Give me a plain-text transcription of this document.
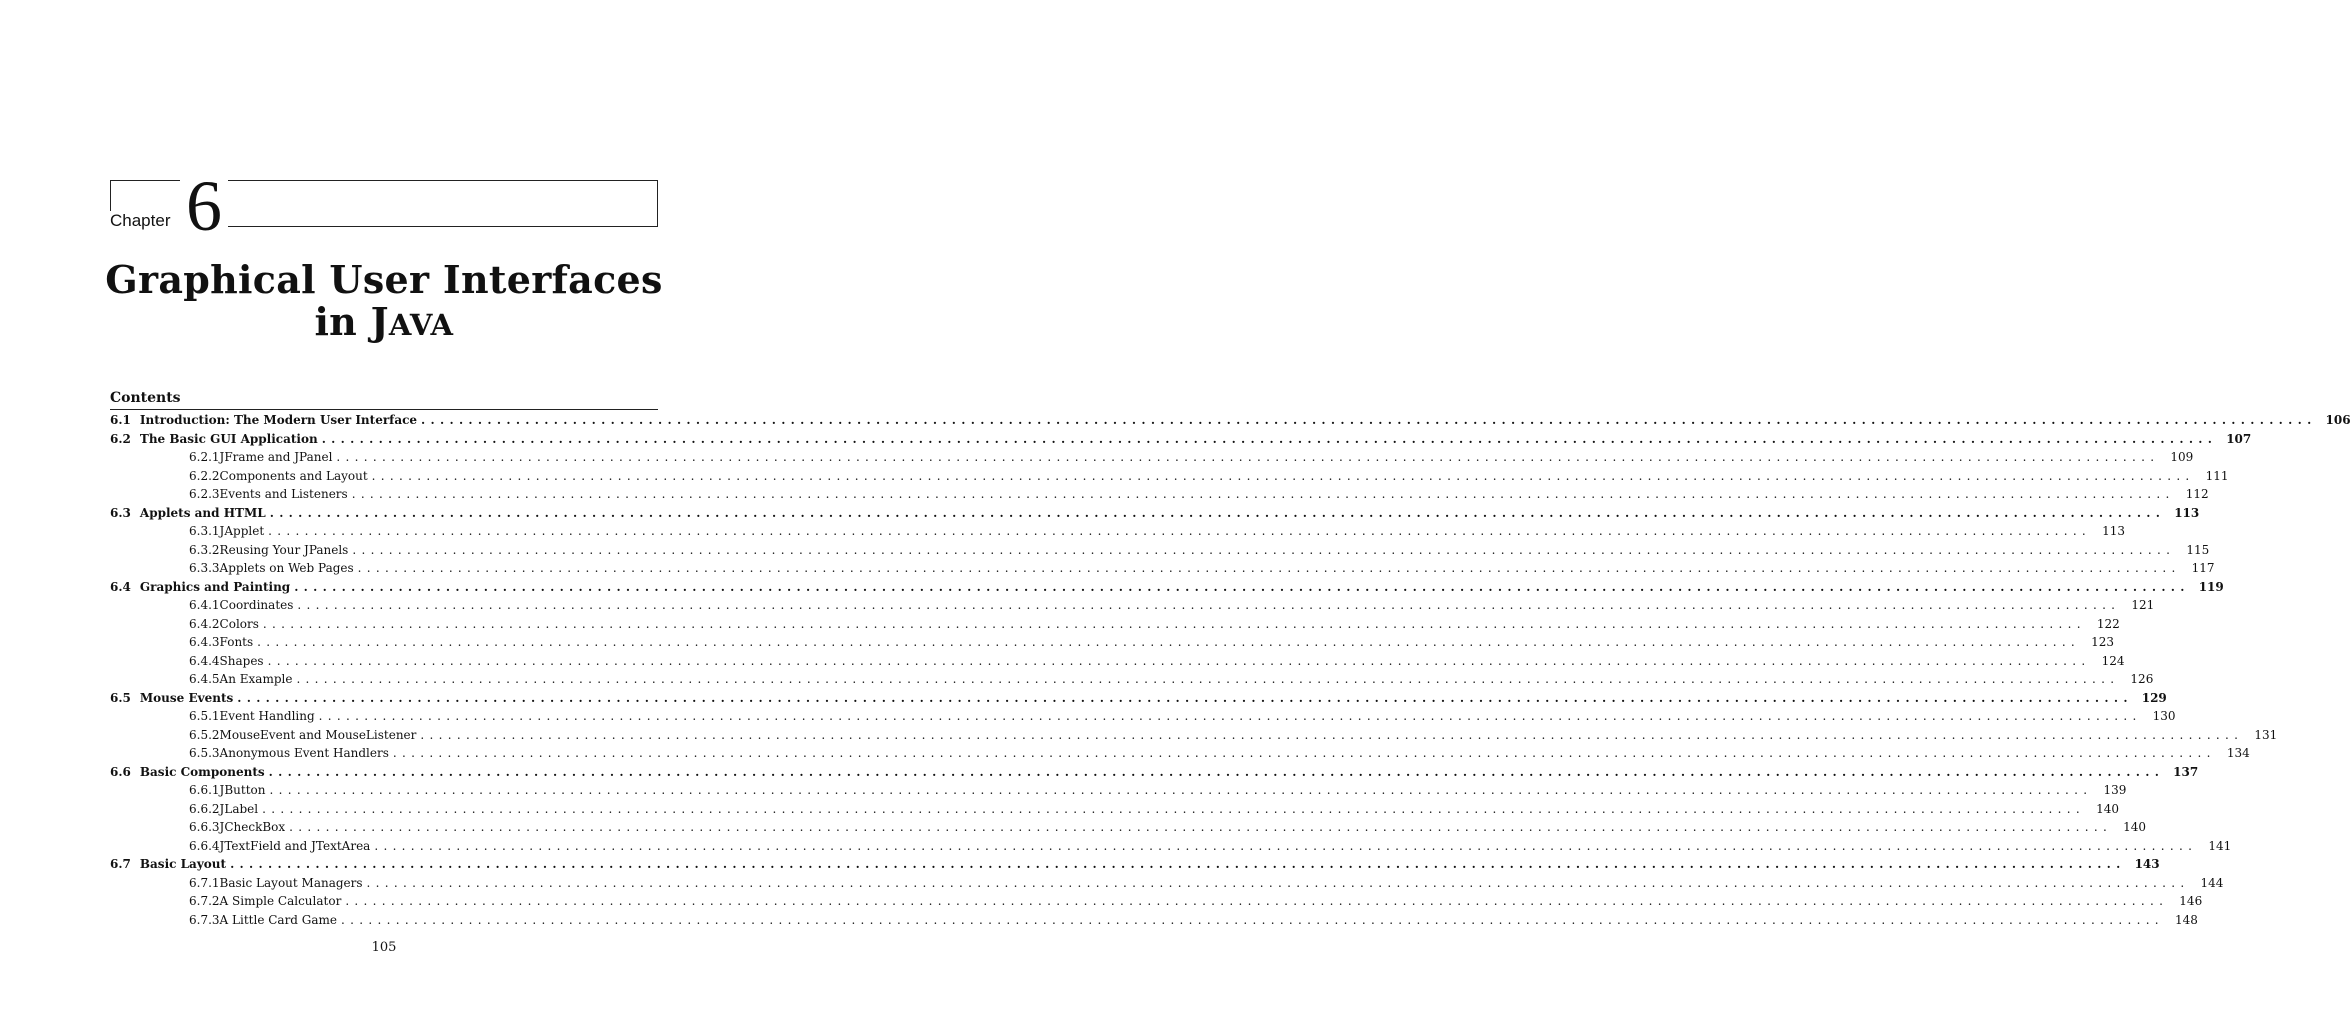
Chapter 6
Graphical User Interfaces
in JAVA
Contents
6.1 Introduction: The Modern User Interface ........................................................................................................................................................................................................ 106
6.2 The Basic GUI Application ........................................................................................................................................................................................................ 107
6.2.1 JFrame and JPanel ........................................................................................................................................................................................................ 109
6.2.2 Components and Layout ........................................................................................................................................................................................................ 111
6.2.3 Events and Listeners ........................................................................................................................................................................................................ 112
6.3 Applets and HTML ........................................................................................................................................................................................................ 113
6.3.1 JApplet ........................................................................................................................................................................................................ 113
6.3.2 Reusing Your JPanels ........................................................................................................................................................................................................ 115
6.3.3 Applets on Web Pages ........................................................................................................................................................................................................ 117
6.4 Graphics and Painting ........................................................................................................................................................................................................ 119
6.4.1 Coordinates ........................................................................................................................................................................................................ 121
6.4.2 Colors ........................................................................................................................................................................................................ 122
6.4.3 Fonts ........................................................................................................................................................................................................ 123
6.4.4 Shapes ........................................................................................................................................................................................................ 124
6.4.5 An Example ........................................................................................................................................................................................................ 126
6.5 Mouse Events ........................................................................................................................................................................................................ 129
6.5.1 Event Handling ........................................................................................................................................................................................................ 130
6.5.2 MouseEvent and MouseListener ........................................................................................................................................................................................................ 131
6.5.3 Anonymous Event Handlers ........................................................................................................................................................................................................ 134
6.6 Basic Components ........................................................................................................................................................................................................ 137
6.6.1 JButton ........................................................................................................................................................................................................ 139
6.6.2 JLabel ........................................................................................................................................................................................................ 140
6.6.3 JCheckBox ........................................................................................................................................................................................................ 140
6.6.4 JTextField and JTextArea ........................................................................................................................................................................................................ 141
6.7 Basic Layout ........................................................................................................................................................................................................ 143
6.7.1 Basic Layout Managers ........................................................................................................................................................................................................ 144
6.7.2 A Simple Calculator ........................................................................................................................................................................................................ 146
6.7.3 A Little Card Game ........................................................................................................................................................................................................ 148
105
